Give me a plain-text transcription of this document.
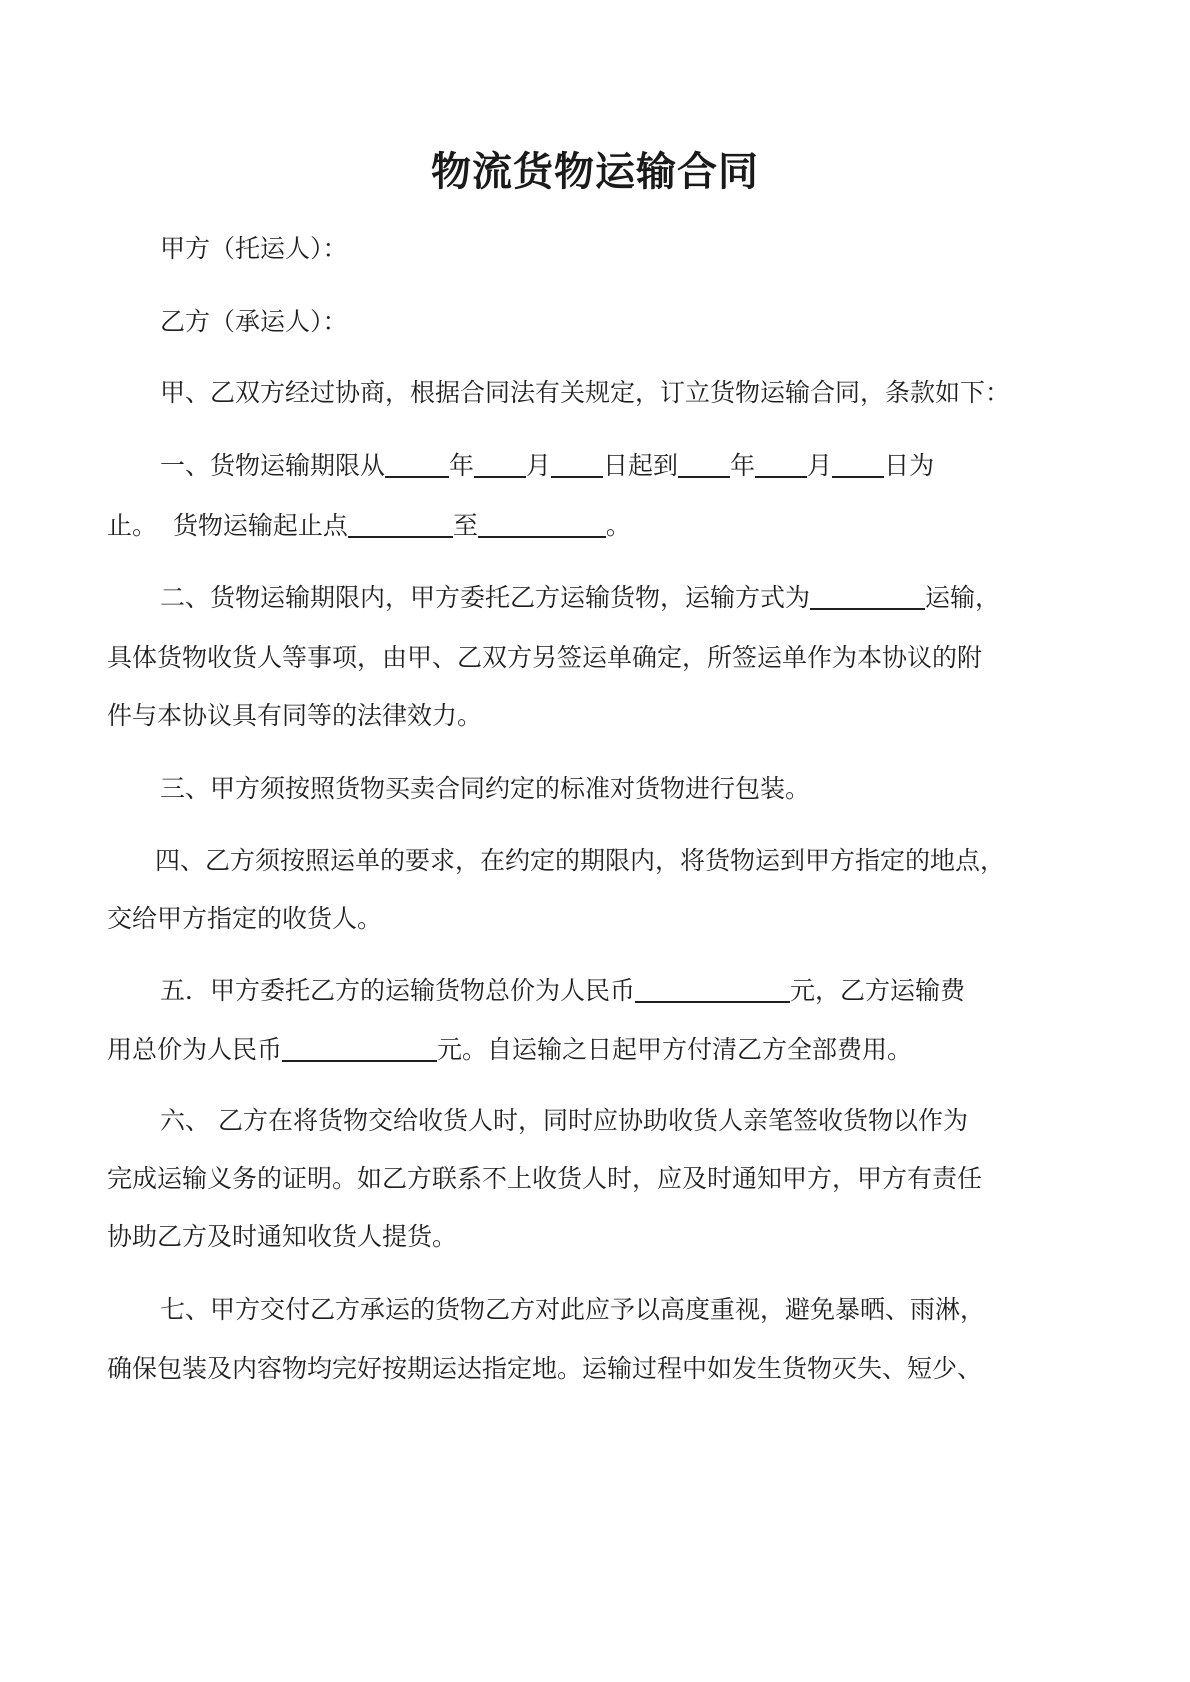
物流货物运输合同
甲方（托运人）：
乙方（承运人）：
甲、乙双方经过协商，根据合同法有关规定，订立货物运输合同，条款如下：
一、货物运输期限从	年 月 日起到 年 月 日为
止。  货物运输起止点	至	。
二、货物运输期限内，甲方委托乙方运输货物，运输方式为	运输，
具体货物收货人等事项，由甲、乙双方另签运单确定，所签运单作为本协议的附
件与本协议具有同等的法律效力。
三、甲方须按照货物买卖合同约定的标准对货物进行包装。
四、乙方须按照运单的要求，在约定的期限内，将货物运到甲方指定的地点，
交给甲方指定的收货人。
五．甲方委托乙方的运输货物总价为人民币	元，乙方运输费
用总价为人民币	元。自运输之日起甲方付清乙方全部费用。
六、 乙方在将货物交给收货人时，同时应协助收货人亲笔签收货物以作为
完成运输义务的证明。如乙方联系不上收货人时，应及时通知甲方，甲方有责任
协助乙方及时通知收货人提货。
七、甲方交付乙方承运的货物乙方对此应予以高度重视，避免暴晒、雨淋，
确保包装及内容物均完好按期运达指定地。运输过程中如发生货物灭失、短少、
